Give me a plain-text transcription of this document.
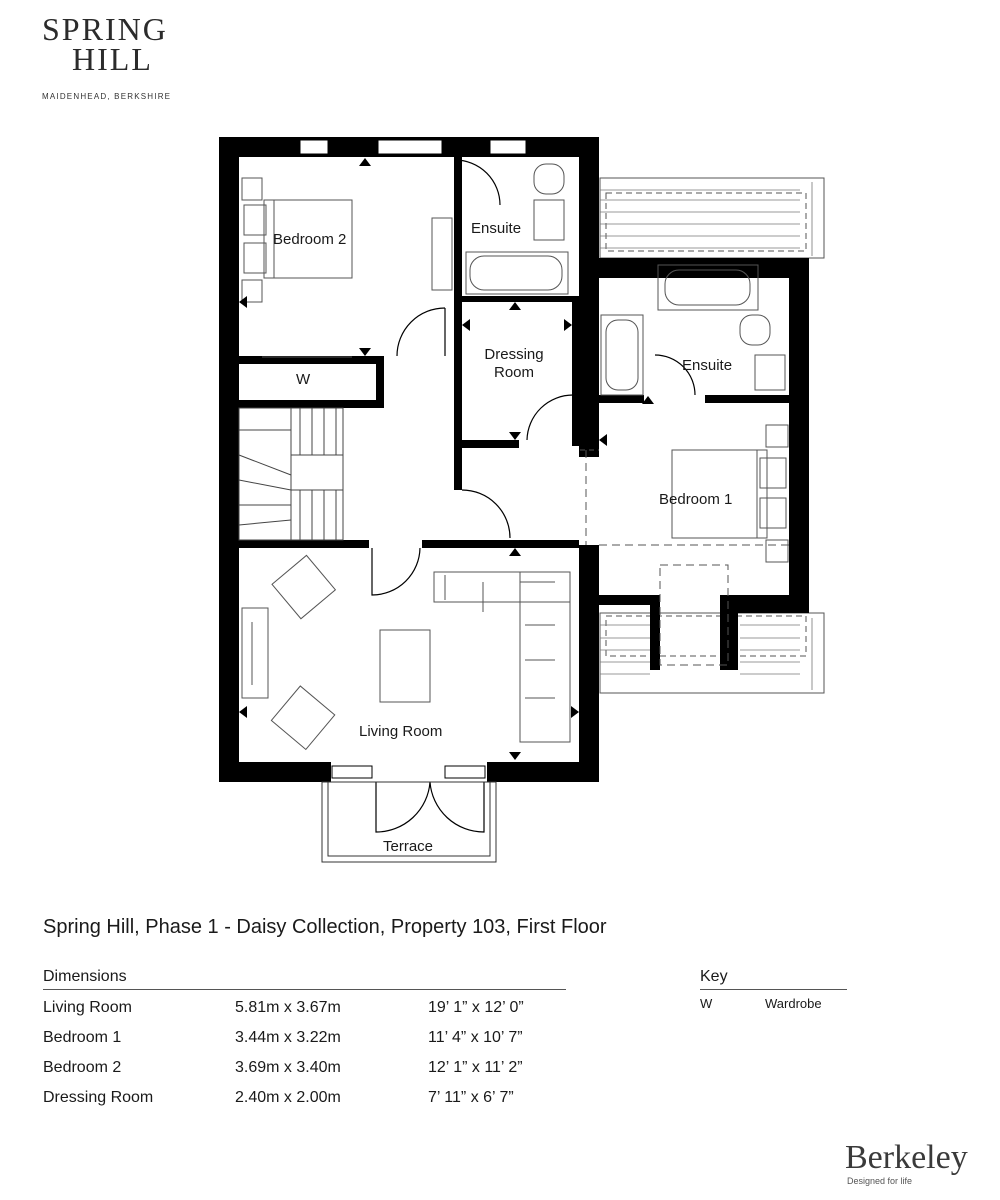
SPRING
HILL
MAIDENHEAD, BERKSHIRE
Bedroom 2
Ensuite
Dressing
Room	Ensuite
Bedroom 1
W
Living Room
Terrace
Spring Hill, Phase 1 - Daisy Collection, Property 103, First Floor
Dimensions
Living Room	5.81m x 3.67m	19’ 1” x 12’ 0”
Bedroom 1	3.44m x 3.22m	11’ 4” x 10’ 7”
Bedroom 2	3.69m x 3.40m	12’ 1” x 11’ 2”
Dressing Room	2.40m x 2.00m	7’ 11” x 6’ 7”
Key
W	Wardrobe
Berkeley
Designed for life
